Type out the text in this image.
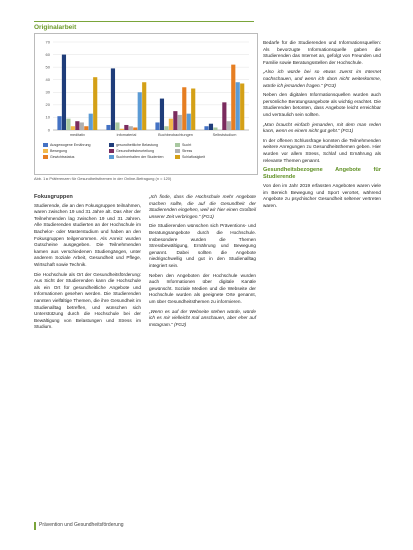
Originalarbeit
0
10
20
30
40
50
60
70
meditativ	infomaterial	Buchbeobachtungen	Selbststudium
Ausgewogene Ernährung	gesundheitliche Belastung	SuchtBewegung	Gesundheitsbeurteilung	StressGewichtsstatus	Suchtverhalten der Studenten	Schlaflosigkeit
Abb. 1 ▸ Präferenzen für Gesundheitsthemen in der Online-Befragung (n = 120)

Fokusgruppen

Studierende, die an den Fokusgruppen teilnahmen, waren zwischen 19 und 31 Jahre alt. Das Alter der Teilnehmenden lag zwischen 19 und 31 Jahren. Alle Studierenden studierten an der Hochschule im Bachelor- oder Masterstudium und haben an den Fokusgruppen teilgenommen. Als Anreiz wurden Gutscheine ausgegeben. Die Teilnehmenden kamen aus verschiedenen Studiengängen, unter anderem Soziale Arbeit, Gesundheit und Pflege, Wirtschaft sowie Technik.

Die Hochschule als Ort der Gesundheitsförderung: Aus Sicht der Studierenden kann die Hochschule als ein Ort für gesundheitliche Angebote und Informationen gesehen werden. Die Studierenden nannten vielfältige Themen, die ihre Gesundheit im Studienalltag betreffen, und wünschen sich Unterstützung durch die Hochschule bei der Bewältigung von Belastungen und Stress im Studium.

„Ich finde, dass die Hochschule mehr Angebote machen sollte, die auf die Gesundheit der Studierenden eingehen, weil wir hier einen Großteil unserer Zeit verbringen.“ (FG1)

Die Studierenden wünschen sich Präventions- und Beratungsangebote durch die Hochschule. Insbesondere wurden die Themen Stressbewältigung, Ernährung und Bewegung genannt. Dabei sollten die Angebote niedrigschwellig und gut in den Studienalltag integriert sein.

Neben den Angeboten der Hochschule wurden auch Informationen über digitale Kanäle gewünscht. Soziale Medien und die Webseite der Hochschule wurden als geeignete Orte genannt, um über Gesundheitsthemen zu informieren.

„Wenn es auf der Webseite stehen würde, würde ich es mir vielleicht mal anschauen, aber eher auf Instagram.“ (FG2)

Bedarfe für die Studierenden und Informationsquellen: Als bevorzugte Informationsquelle gaben die Studierenden das Internet an, gefolgt von Freunden und Familie sowie Beratungsstellen der Hochschule.

„Also ich würde bei so etwas zuerst im Internet nachschauen, und wenn ich dann nicht weiterkomme, würde ich jemanden fragen.“ (FG3)

Neben den digitalen Informationsquellen wurden auch persönliche Beratungsangebote als wichtig erachtet. Die Studierenden betonten, dass Angebote leicht erreichbar und vertraulich sein sollten.

„Man braucht einfach jemanden, mit dem man reden kann, wenn es einem nicht gut geht.“ (FG1)

In der offenen Schlussfrage konnten die Teilnehmenden weitere Anregungen zu Gesundheitsthemen geben. Hier wurden vor allem Stress, Schlaf und Ernährung als relevante Themen genannt.

Gesundheitsbezogene Angebote für Studierende

Von den im Jahr 2019 erfassten Angeboten waren viele im Bereich Bewegung und Sport verortet, während Angebote zu psychischer Gesundheit seltener vertreten waren.

Prävention und Gesundheitsförderung
